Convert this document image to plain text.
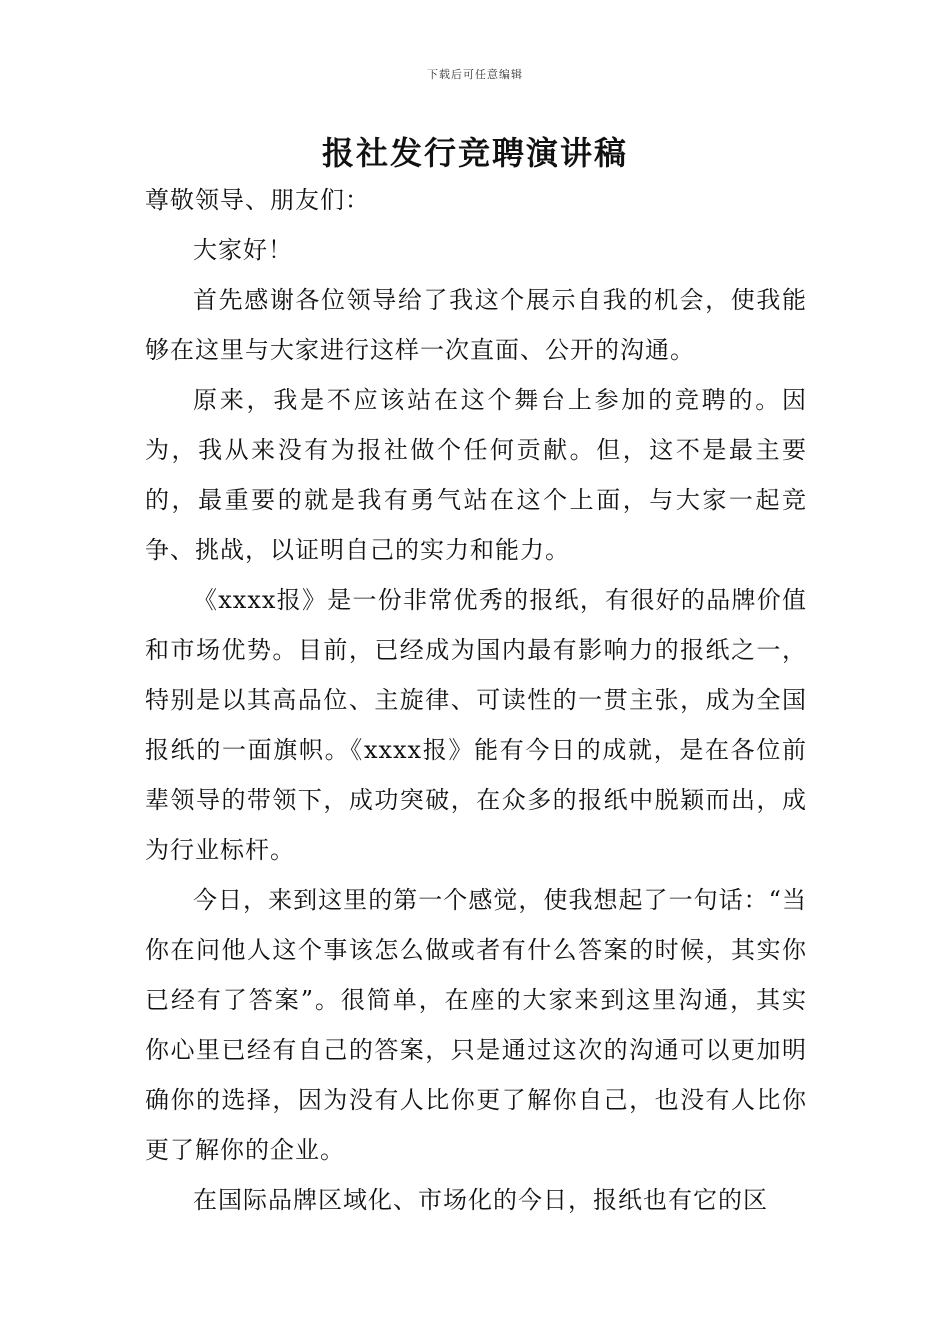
下载后可任意编辑
报社发行竞聘演讲稿

尊敬领导、朋友们：

大家好！

首先感谢各位领导给了我这个展示自我的机会，使我能够在这里与大家进行这样一次直面、公开的沟通。

原来，我是不应该站在这个舞台上参加的竞聘的。因为，我从来没有为报社做个任何贡献。但，这不是最主要的，最重要的就是我有勇气站在这个上面，与大家一起竞争、挑战，以证明自己的实力和能力。

《xxxx报》是一份非常优秀的报纸，有很好的品牌价值和市场优势。目前，已经成为国内最有影响力的报纸之一，特别是以其高品位、主旋律、可读性的一贯主张，成为全国报纸的一面旗帜。《xxxx报》能有今日的成就，是在各位前辈领导的带领下，成功突破，在众多的报纸中脱颖而出，成为行业标杆。

今日，来到这里的第一个感觉，使我想起了一句话：“当你在问他人这个事该怎么做或者有什么答案的时候，其实你已经有了答案”。很简单，在座的大家来到这里沟通，其实你心里已经有自己的答案，只是通过这次的沟通可以更加明确你的选择，因为没有人比你更了解你自己，也没有人比你更了解你的企业。

在国际品牌区域化、市场化的今日，报纸也有它的区
